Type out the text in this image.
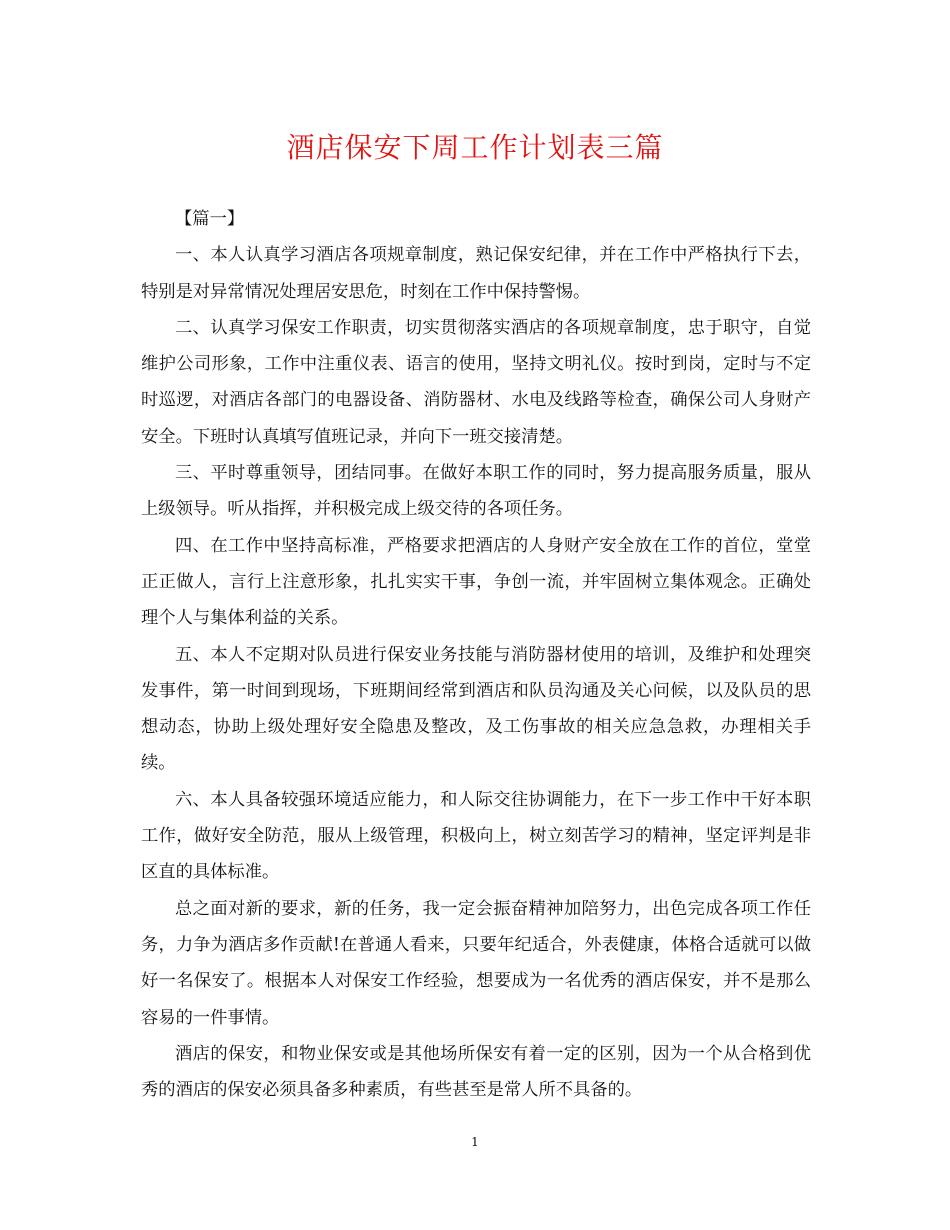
酒店保安下周工作计划表三篇

【篇一】

一、本人认真学习酒店各项规章制度，熟记保安纪律，并在工作中严格执行下去，特别是对异常情况处理居安思危，时刻在工作中保持警惕。

二、认真学习保安工作职责，切实贯彻落实酒店的各项规章制度，忠于职守，自觉维护公司形象，工作中注重仪表、语言的使用，坚持文明礼仪。按时到岗，定时与不定时巡逻，对酒店各部门的电器设备、消防器材、水电及线路等检查，确保公司人身财产安全。下班时认真填写值班记录，并向下一班交接清楚。

三、平时尊重领导，团结同事。在做好本职工作的同时，努力提高服务质量，服从上级领导。听从指挥，并积极完成上级交待的各项任务。

四、在工作中坚持高标准，严格要求把酒店的人身财产安全放在工作的首位，堂堂正正做人，言行上注意形象，扎扎实实干事，争创一流，并牢固树立集体观念。正确处理个人与集体利益的关系。

五、本人不定期对队员进行保安业务技能与消防器材使用的培训，及维护和处理突发事件，第一时间到现场，下班期间经常到酒店和队员沟通及关心问候，以及队员的思想动态，协助上级处理好安全隐患及整改，及工伤事故的相关应急急救，办理相关手续。

六、本人具备较强环境适应能力，和人际交往协调能力，在下一步工作中干好本职工作，做好安全防范，服从上级管理，积极向上，树立刻苦学习的精神，坚定评判是非区直的具体标准。

总之面对新的要求，新的任务，我一定会振奋精神加陪努力，出色完成各项工作任务，力争为酒店多作贡献!在普通人看来，只要年纪适合，外表健康，体格合适就可以做好一名保安了。根据本人对保安工作经验，想要成为一名优秀的酒店保安，并不是那么容易的一件事情。

酒店的保安，和物业保安或是其他场所保安有着一定的区别，因为一个从合格到优秀的酒店的保安必须具备多种素质，有些甚至是常人所不具备的。

1
